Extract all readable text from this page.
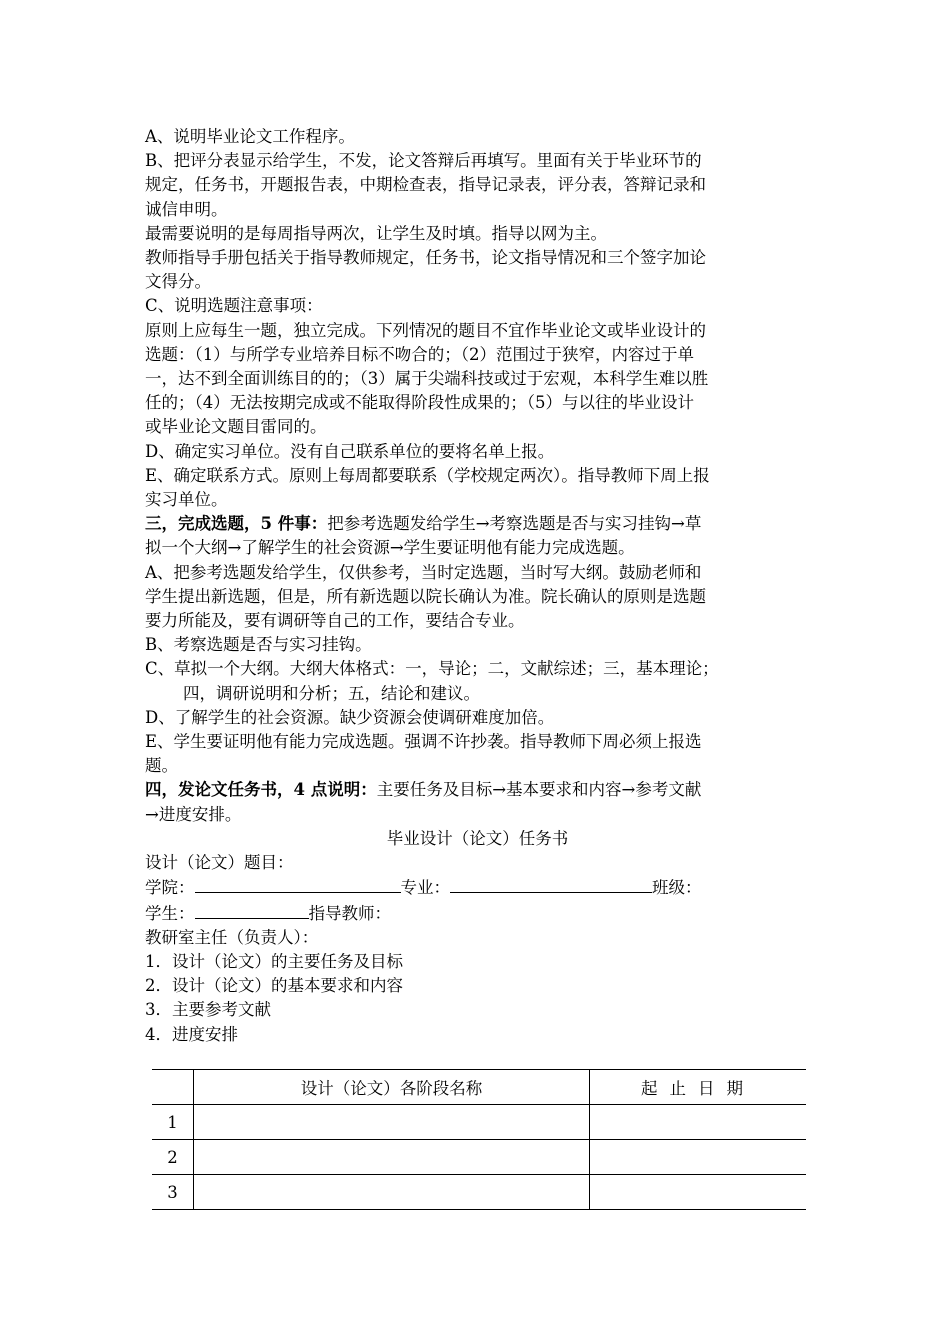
A、说明毕业论文工作程序。

B、把评分表显示给学生，不发，论文答辩后再填写。里面有关于毕业环节的

规定，任务书，开题报告表，中期检查表，指导记录表，评分表，答辩记录和

诚信申明。

最需要说明的是每周指导两次，让学生及时填。指导以网为主。

教师指导手册包括关于指导教师规定，任务书，论文指导情况和三个签字加论

文得分。

C、说明选题注意事项：

原则上应每生一题，独立完成。下列情况的题目不宜作毕业论文或毕业设计的

选题：（1）与所学专业培养目标不吻合的；（2）范围过于狭窄，内容过于单

一，达不到全面训练目的的；（3）属于尖端科技或过于宏观，本科学生难以胜

任的；（4）无法按期完成或不能取得阶段性成果的；（5）与以往的毕业设计

或毕业论文题目雷同的。

D、确定实习单位。没有自己联系单位的要将名单上报。

E、确定联系方式。原则上每周都要联系（学校规定两次）。指导教师下周上报

实习单位。

三，完成选题，5 件事：把参考选题发给学生→考察选题是否与实习挂钩→草

拟一个大纲→了解学生的社会资源→学生要证明他有能力完成选题。

A、把参考选题发给学生，仅供参考，当时定选题，当时写大纲。鼓励老师和

学生提出新选题，但是，所有新选题以院长确认为准。院长确认的原则是选题

要力所能及，要有调研等自己的工作，要结合专业。

B、考察选题是否与实习挂钩。

C、草拟一个大纲。大纲大体格式：一，导论；二，文献综述；三，基本理论；

四，调研说明和分析；五，结论和建议。

D、了解学生的社会资源。缺少资源会使调研难度加倍。

E、学生要证明他有能力完成选题。强调不许抄袭。指导教师下周必须上报选

题。

四，发论文任务书，4 点说明：主要任务及目标→基本要求和内容→参考文献

→进度安排。

毕业设计（论文）任务书

设计（论文）题目：

学院：	专业：	班级：

学生：	指导教师：

教研室主任（负责人）：

1．设计（论文）的主要任务及目标

2．设计（论文）的基本要求和内容

3．主要参考文献

4．进度安排

	设计（论文）各阶段名称	起止日期
1		
2		
3		
